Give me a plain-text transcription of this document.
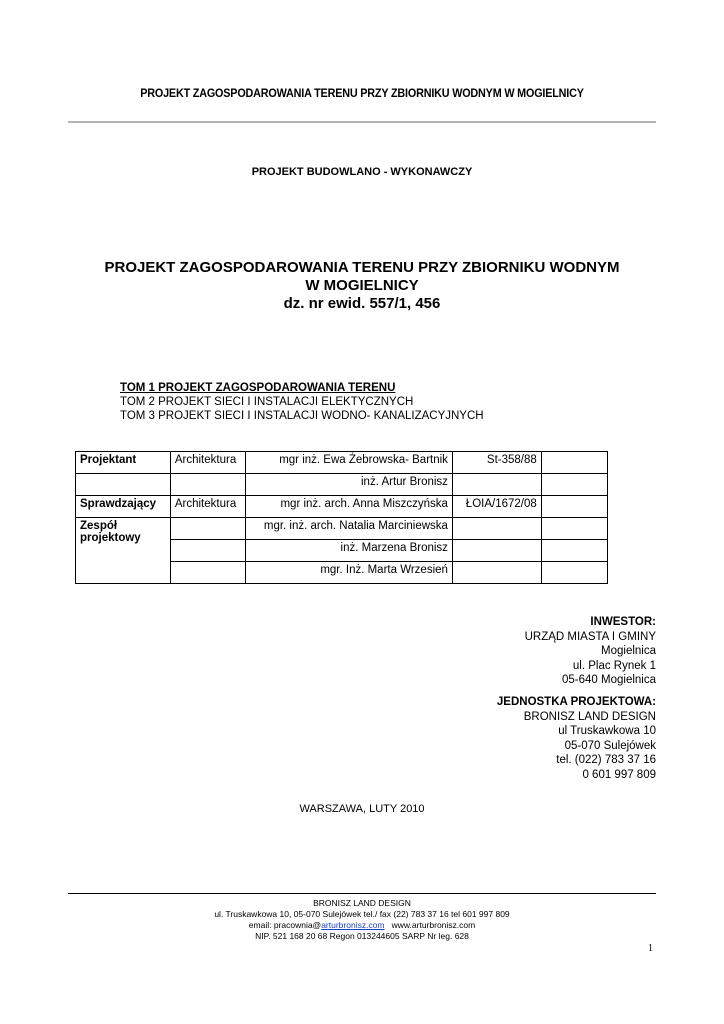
PROJEKT ZAGOSPODAROWANIA TERENU PRZY ZBIORNIKU WODNYM W MOGIELNICY
PROJEKT BUDOWLANO - WYKONAWCZY
PROJEKT ZAGOSPODAROWANIA TERENU PRZY ZBIORNIKU WODNYM
W MOGIELNICY
dz. nr ewid. 557/1, 456
TOM 1 PROJEKT ZAGOSPODAROWANIA TERENU
TOM 2 PROJEKT SIECI I INSTALACJI ELEKTYCZNYCH
TOM 3 PROJEKT SIECI I INSTALACJI WODNO- KANALIZACYJNYCH
Projektant	Architektura	mgr inż. Ewa Żebrowska- Bartnik	St-358/88	
		inż. Artur Bronisz		
Sprawdzający	Architektura	mgr inż. arch. Anna Miszczyńska	ŁOIA/1672/08	
Zespół projektowy		mgr. inż. arch. Natalia Marciniewska		
		inż. Marzena Bronisz		
		mgr. Inż. Marta Wrzesień		
INWESTOR:
URZĄD MIASTA I GMINY
Mogielnica
ul. Plac Rynek 1
05-640 Mogielnica
JEDNOSTKA PROJEKTOWA:
BRONISZ LAND DESIGN
ul Truskawkowa 10
05-070 Sulejówek
tel. (022) 783 37 16
0 601 997 809
WARSZAWA, LUTY 2010
BRONISZ LAND DESIGN
ul. Truskawkowa 10, 05-070 Sulejówek tel./ fax (22) 783 37 16 tel 601 997 809
email: pracownia@arturbronisz.com   www.arturbronisz.com
NIP. 521 168 20 68 Regon 013244605 SARP Nr leg. 628
1
